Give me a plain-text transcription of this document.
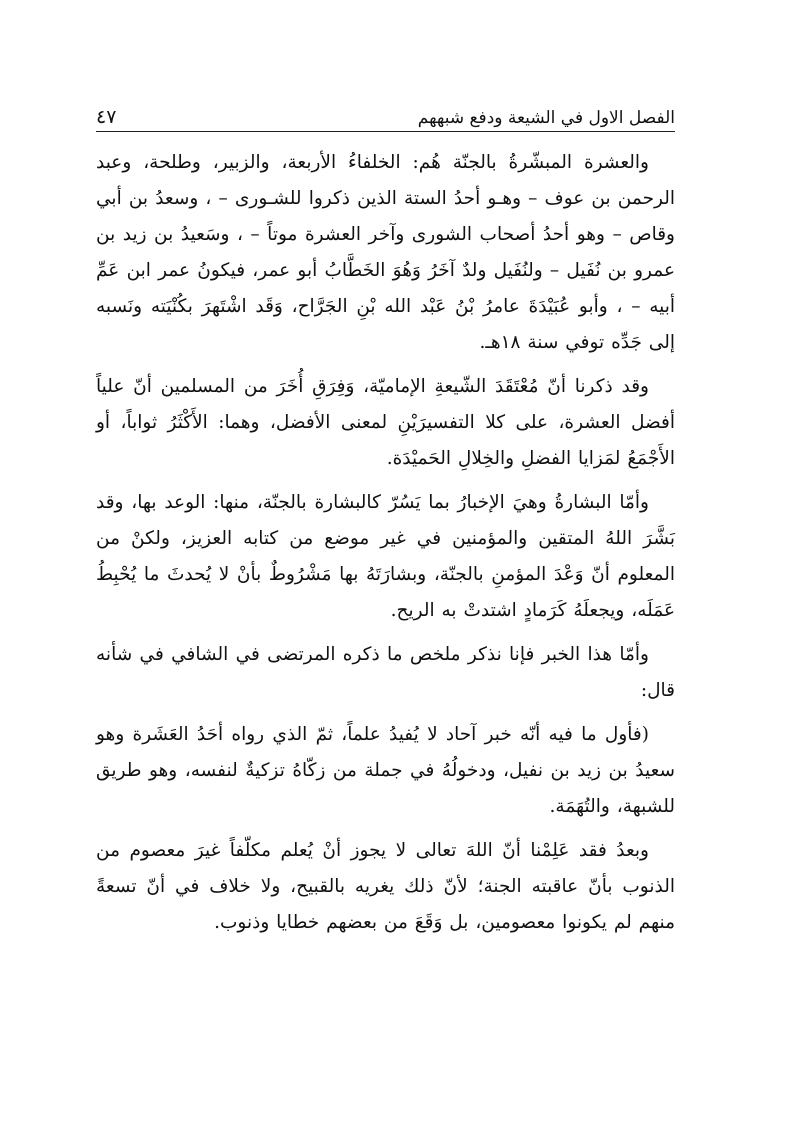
الفصل الاول في الشيعة ودفع شبههم
٤٧

والعشرة المبشّرةُ بالجنّة هُم: الخلفاءُ الأربعة، والزبير، وطلحة، وعبد الرحمن بن عوف – وهـو أحدُ الستة الذين ذكروا للشـورى – ، وسعدُ بن أبي وقاص – وهو أحدُ أصحاب الشورى وآخر العشرة موتاً – ، وسَعيدُ بن زيد بن عمرو بن نُفَيل – ولنُفَيل ولدٌ آخَرُ وَهُوَ الخَطَّابُ أبو عمر، فيكونُ عمر ابن عَمِّ أبيه – ، وأبو عُبَيْدَةَ عامرُ بْنُ عَبْد الله بْنِ الجَرَّاح، وَقَد اشْتَهرَ بكُنْيَته ونَسبه إلى جَدِّه توفي سنة ١٨هـ.

وقد ذكرنا أنّ مُعْتَقَدَ الشّيعةِ الإماميّة، وَفِرَقِ أُخَرَ من المسلمين أنّ علياً أفضل العشرة، على كلا التفسيرَيْنِ لمعنى الأفضل، وهما: الأَكْثَرُ ثواباً، أو الأَجْمَعُ لمَزايا الفضلِ والخِلالِ الحَميْدَة.

وأمّا البشارةُ وهيَ الإخبارُ بما يَسُرّ كالبشارة بالجنّة، منها: الوعد بها، وقد بَشَّرَ اللهُ المتقين والمؤمنين في غير موضع من كتابه العزيز، ولكنْ من المعلوم أنّ وَعْدَ المؤمنِ بالجنّة، وبشارَتَهُ بها مَشْرُوطٌ بأنْ لا يُحدثَ ما يُحْبِطُ عَمَلَه، ويجعلَهُ كَرَمادٍ اشتدتْ به الريح.

وأمّا هذا الخبر فإنا نذكر ملخص ما ذكره المرتضى في الشافي في شأنه قال:

(فأول ما فيه أنّه خبر آحاد لا يُفيدُ علماً، ثمّ الذي رواه أحَدُ العَشَرة وهو سعيدُ بن زيد بن نفيل، ودخولُهُ في جملة من زكّاهُ تزكيةٌ لنفسه، وهو طريق للشبهة، والتُهَمَة.

وبعدُ فقد عَلِمْنا أنّ اللهَ تعالى لا يجوز أنْ يُعلم مكلّفاً غيرَ معصوم من الذنوب بأنّ عاقبته الجنة؛ لأنّ ذلك يغريه بالقبيح، ولا خلاف في أنّ تسعةً منهم لم يكونوا معصومين، بل وَقَعَ من بعضهم خطايا وذنوب.
